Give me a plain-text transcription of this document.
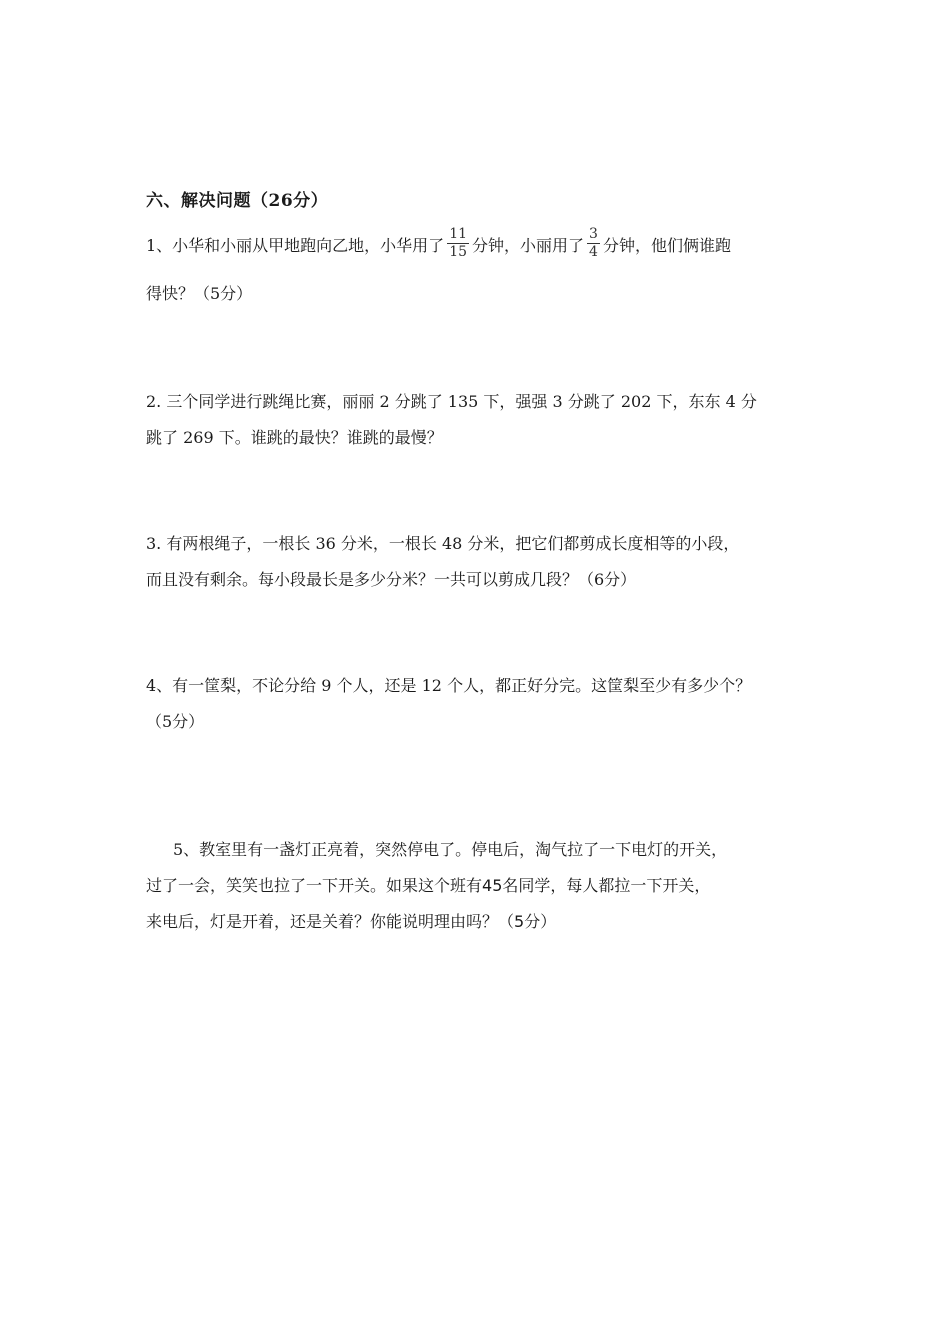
六、解决问题（26分）
1、小华和小丽从甲地跑向乙地，小华用了 $\frac{11}{15}$ 分钟，小丽用了 $\frac{3}{4}$ 分钟，他们俩谁跑
得快？（5分）
2. 三个同学进行跳绳比赛，丽丽 2 分跳了 135 下，强强 3 分跳了 202 下，东东 4 分
跳了 269 下。谁跳的最快？谁跳的最慢？
3. 有两根绳子，一根长 36 分米，一根长 48 分米，把它们都剪成长度相等的小段，
而且没有剩余。每小段最长是多少分米？一共可以剪成几段？（6分）
4、有一筐梨，不论分给 9 个人，还是 12 个人，都正好分完。这筐梨至少有多少个？
（5分）
5、教室里有一盏灯正亮着，突然停电了。停电后，淘气拉了一下电灯的开关，
过了一会，笑笑也拉了一下开关。如果这个班有45名同学，每人都拉一下开关，
来电后，灯是开着，还是关着？你能说明理由吗？（5分）
